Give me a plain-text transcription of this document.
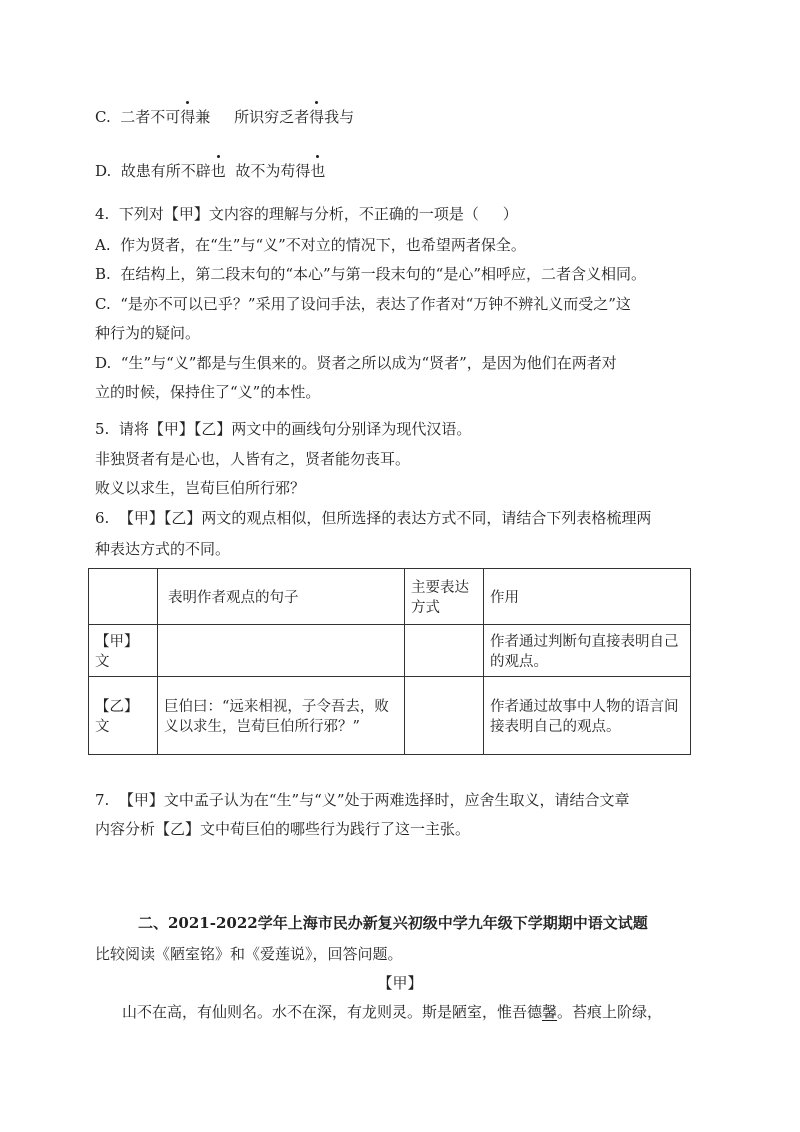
C.  二者不可得兼     所识穷乏者得我与
D.  故患有所不辟也  故不为苟得也
4.  下列对【甲】文内容的理解与分析，不正确的一项是（     ）
A.  作为贤者，在“生”与“义”不对立的情况下，也希望两者保全。
B.  在结构上，第二段末句的“本心”与第一段末句的“是心”相呼应，二者含义相同。
C.  “是亦不可以已乎？”采用了设问手法，表达了作者对“万钟不辨礼义而受之”这
种行为的疑问。
D.  “生”与“义”都是与生俱来的。贤者之所以成为“贤者”，是因为他们在两者对
立的时候，保持住了“义”的本性。
5.  请将【甲】【乙】两文中的画线句分别译为现代汉语。
非独贤者有是心也，人皆有之，贤者能勿丧耳。
败义以求生，岂荀巨伯所行邪？
6.  【甲】【乙】两文的观点相似，但所选择的表达方式不同，请结合下列表格梳理两
种表达方式的不同。
	表明作者观点的句子	主要表达方式	作用
【甲】文			作者通过判断句直接表明自己的观点。
【乙】文	巨伯曰：“远来相视，子令吾去，败义以求生，岂荀巨伯所行邪？”		作者通过故事中人物的语言间接表明自己的观点。
7.  【甲】文中孟子认为在“生”与“义”处于两难选择时，应舍生取义，请结合文章
内容分析【乙】文中荀巨伯的哪些行为践行了这一主张。
二、2021-2022学年上海市民办新复兴初级中学九年级下学期期中语文试题
比较阅读《陋室铭》和《爱莲说》，回答问题。
【甲】
山不在高，有仙则名。水不在深，有龙则灵。斯是陋室，惟吾德馨。苔痕上阶绿，
